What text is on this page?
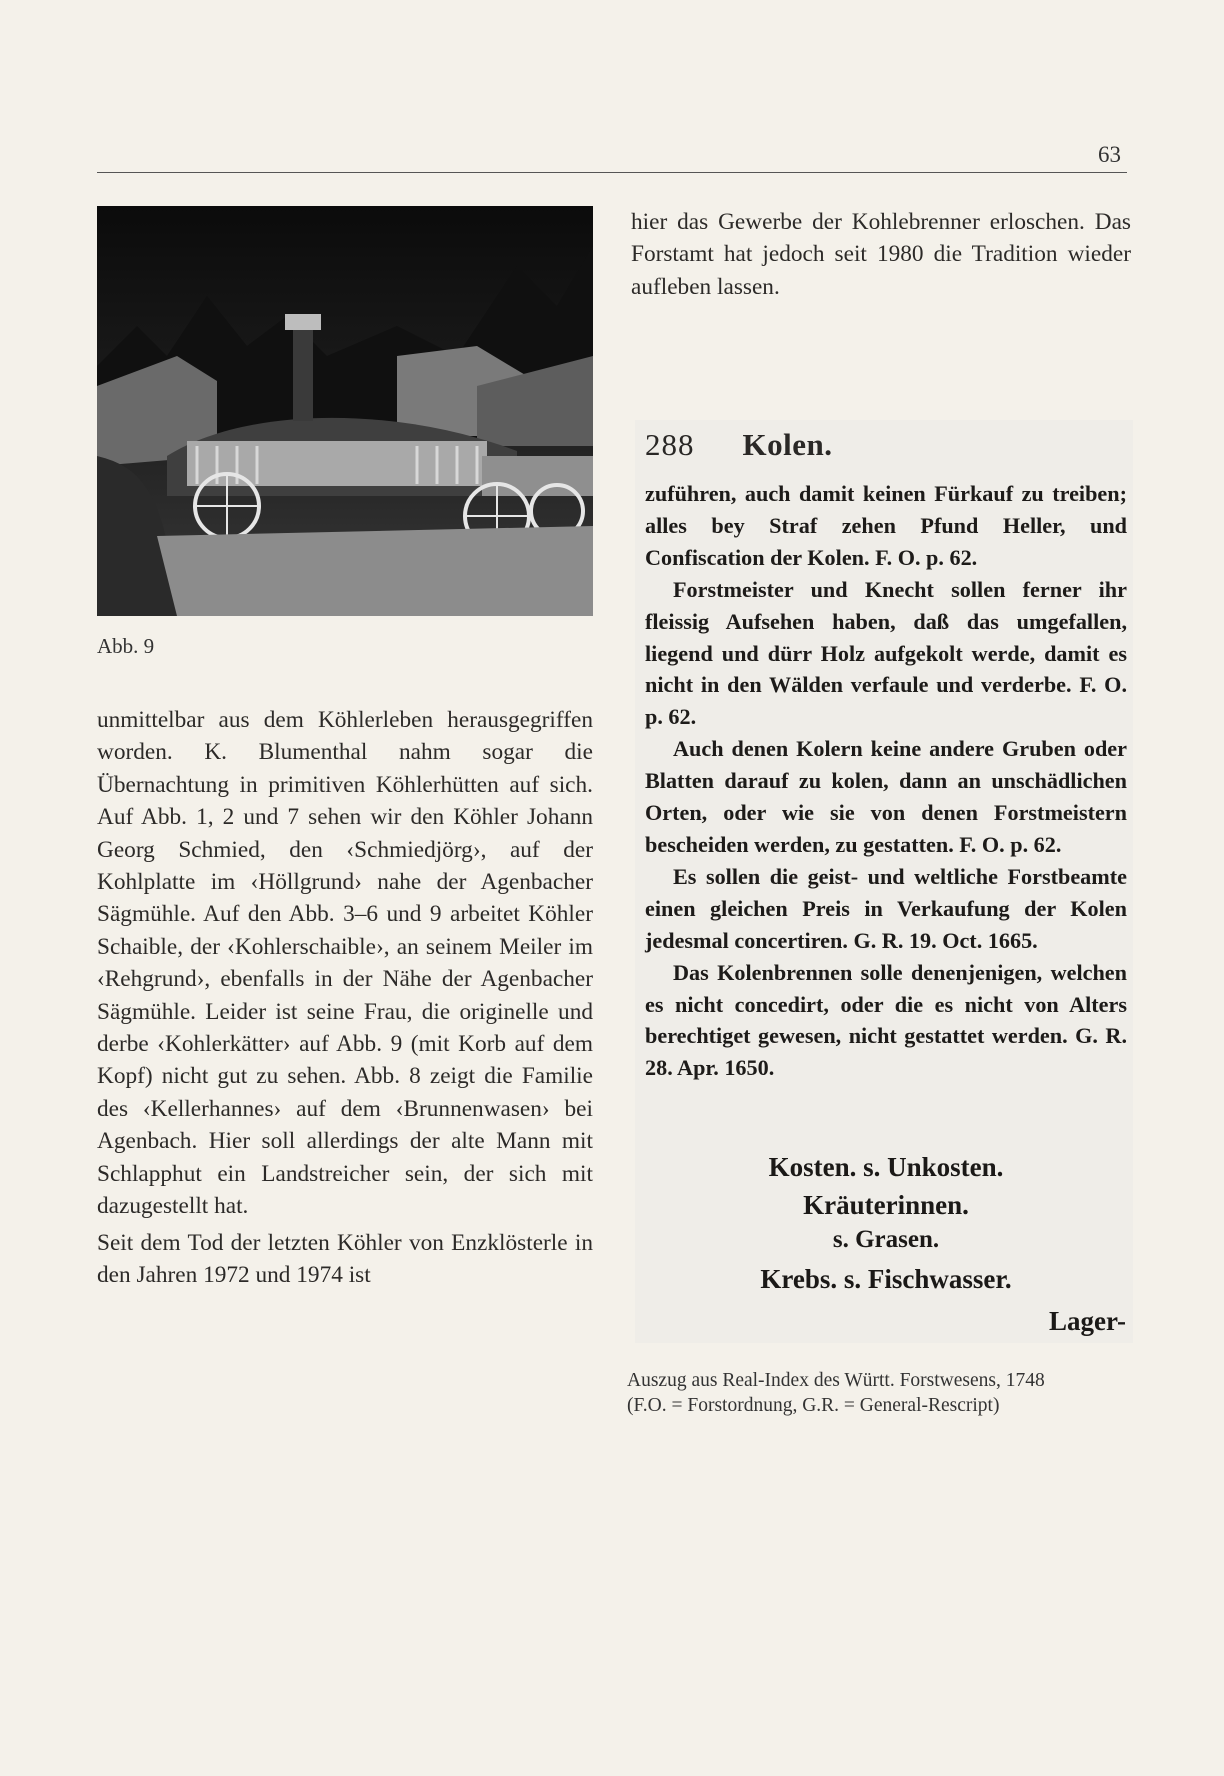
63
Abb. 9

unmittelbar aus dem Köhlerleben herausgegriffen worden. K. Blumenthal nahm sogar die Übernachtung in primitiven Köhlerhütten auf sich. Auf Abb. 1, 2 und 7 sehen wir den Köhler Johann Georg Schmied, den ‹Schmiedjörg›, auf der Kohlplatte im ‹Höllgrund› nahe der Agenbacher Sägmühle. Auf den Abb. 3–6 und 9 arbeitet Köhler Schaible, der ‹Kohlerschaible›, an seinem Meiler im ‹Rehgrund›, ebenfalls in der Nähe der Agenbacher Sägmühle. Leider ist seine Frau, die originelle und derbe ‹Kohlerkätter› auf Abb. 9 (mit Korb auf dem Kopf) nicht gut zu sehen. Abb. 8 zeigt die Familie des ‹Kellerhannes› auf dem ‹Brunnenwasen› bei Agenbach. Hier soll allerdings der alte Mann mit Schlapphut ein Landstreicher sein, der sich mit dazugestellt hat.

Seit dem Tod der letzten Köhler von Enzklösterle in den Jahren 1972 und 1974 ist

hier das Gewerbe der Kohlebrenner erloschen. Das Forstamt hat jedoch seit 1980 die Tradition wieder aufleben lassen.
288 Kolen.

zuführen, auch damit keinen Fürkauf zu treiben; alles bey Straf zehen Pfund Heller, und Confiscation der Kolen. F. O. p. 62.

Forstmeister und Knecht sollen ferner ihr fleissig Aufsehen haben, daß das umgefallen, liegend und dürr Holz aufgekolt werde, damit es nicht in den Wälden verfaule und verderbe. F. O. p. 62.

Auch denen Kolern keine andere Gruben oder Blatten darauf zu kolen, dann an unschädlichen Orten, oder wie sie von denen Forstmeistern bescheiden werden, zu gestatten. F. O. p. 62.

Es sollen die geist- und weltliche Forstbeamte einen gleichen Preis in Verkaufung der Kolen jedesmal concertiren. G. R. 19. Oct. 1665.

Das Kolenbrennen solle denenjenigen, welchen es nicht concedirt, oder die es nicht von Alters berechtiget gewesen, nicht gestattet werden. G. R. 28. Apr. 1650.

Kosten. s. Unkosten.
Kräuterinnen.
s. Grasen.
Krebs. s. Fischwasser.
Lager-
Auszug aus Real-Index des Württ. Forstwesens, 1748
(F.O. = Forstordnung, G.R. = General-Rescript)
